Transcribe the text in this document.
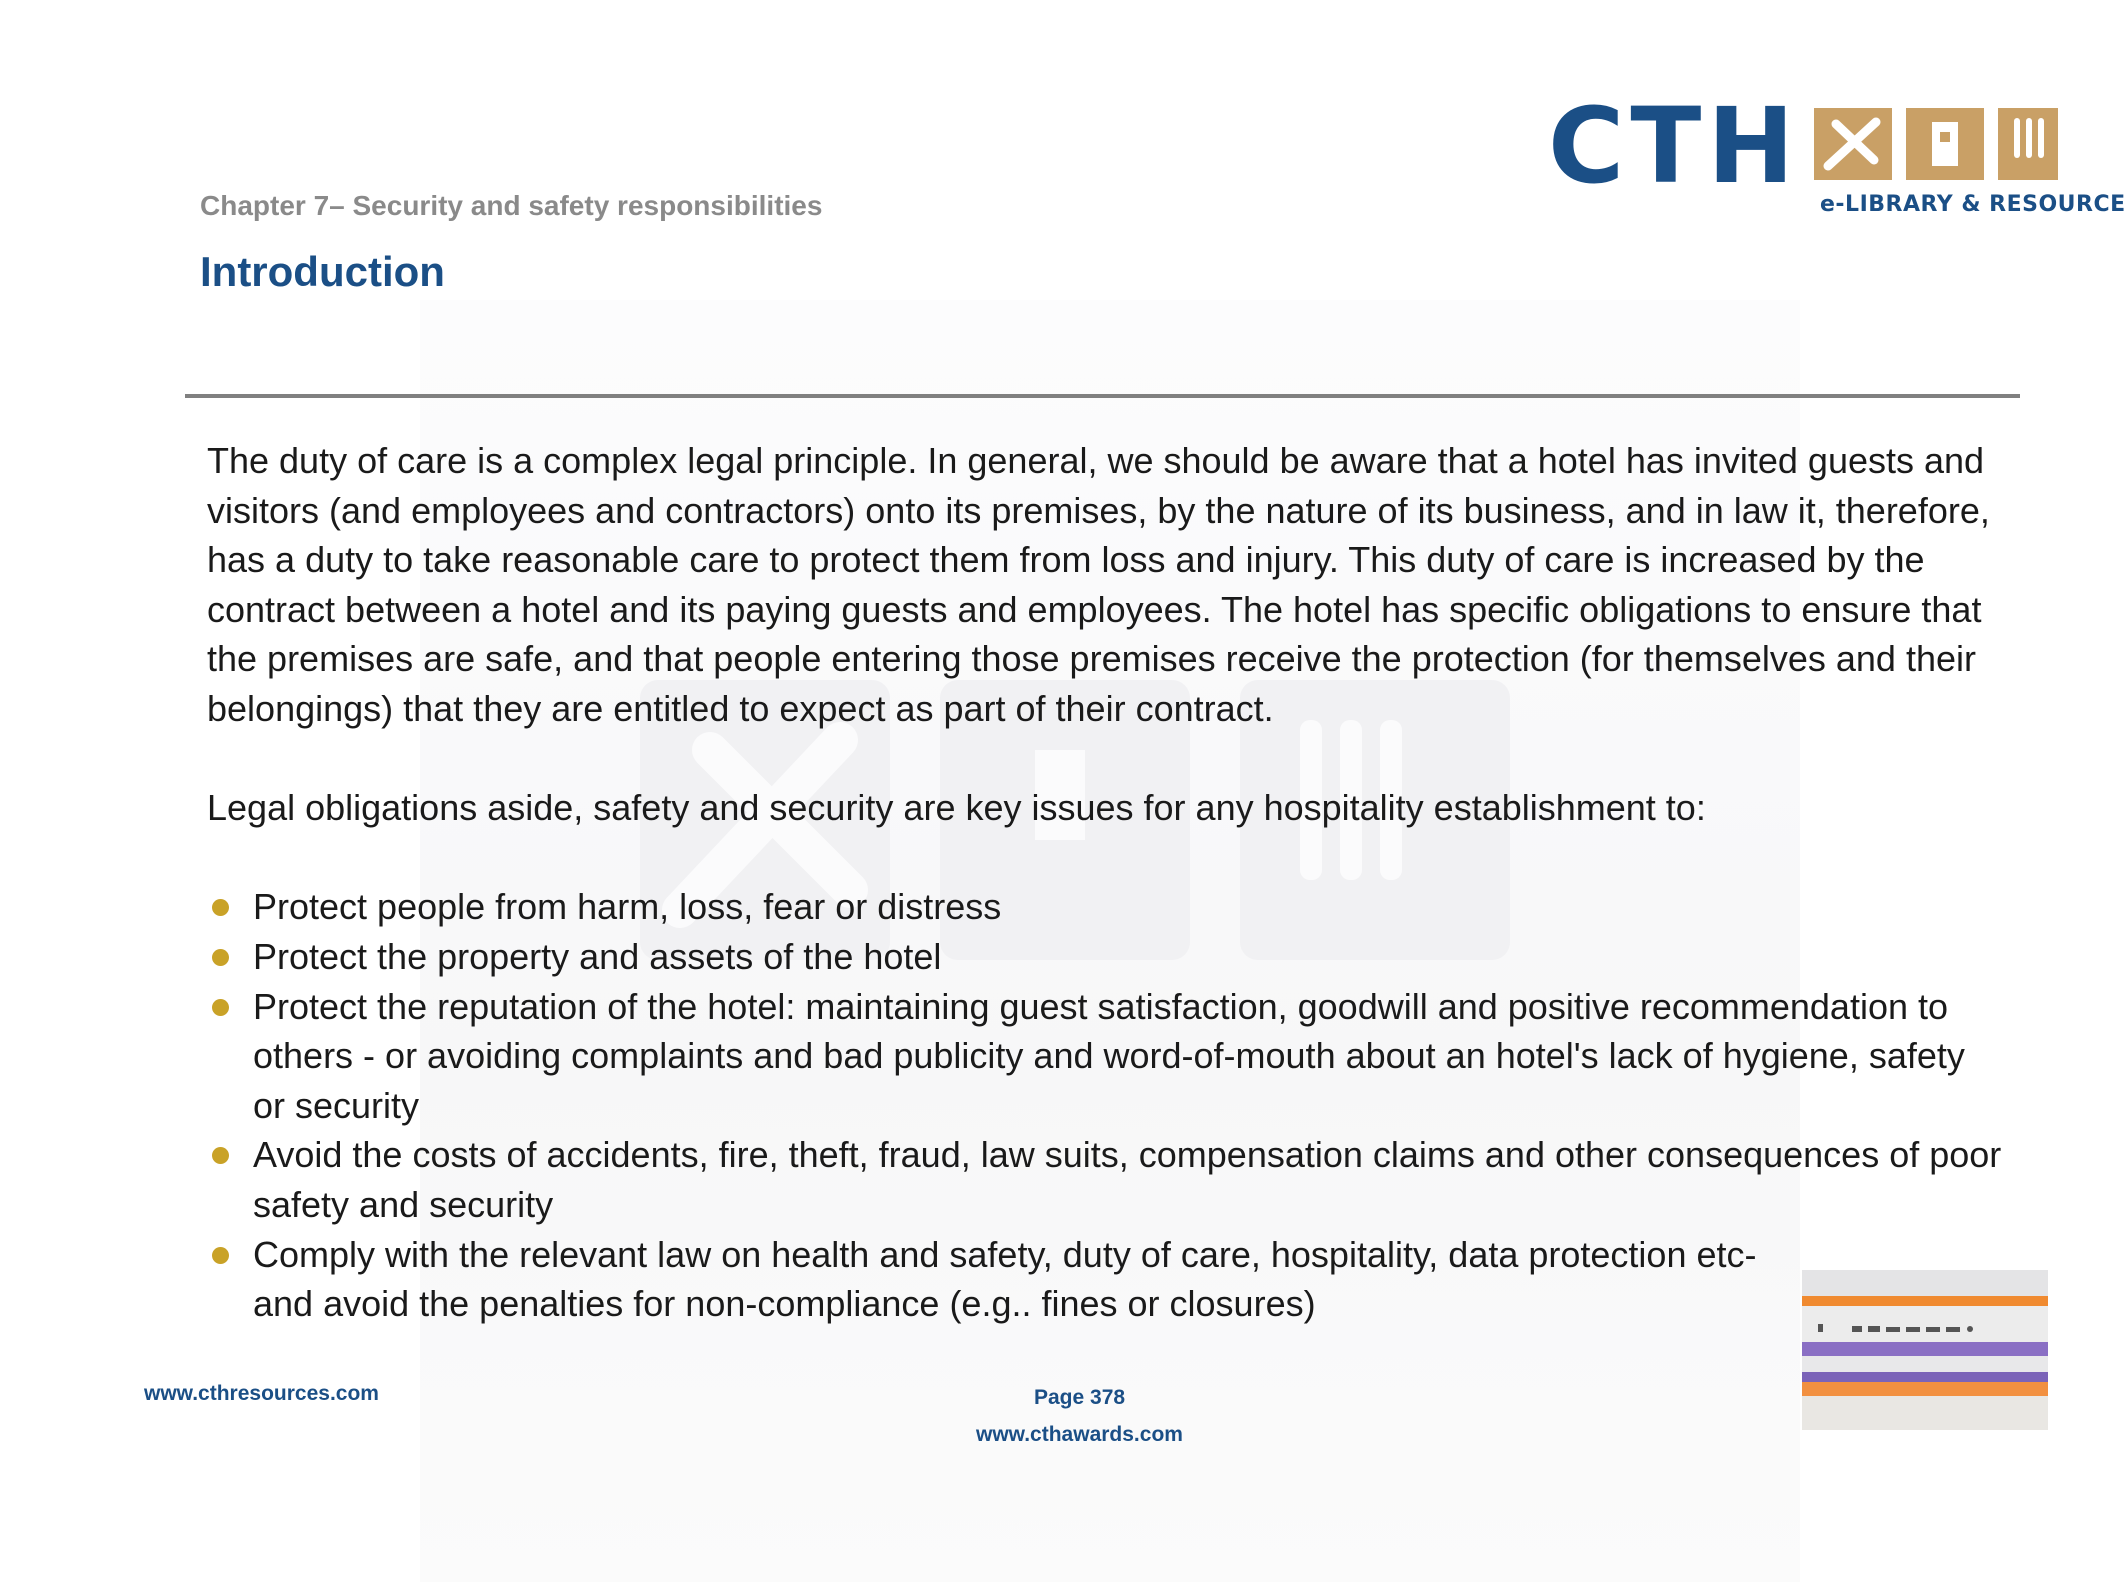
CTH e-LIBRARY & RESOURCE
Chapter 7– Security and safety responsibilities
Introduction

The duty of care is a complex legal principle. In general, we should be aware that a hotel has invited guests and visitors (and employees and contractors) onto its premises, by the nature of its business, and in law it, therefore, has a duty to take reasonable care to protect them from loss and injury. This duty of care is increased by the contract between a hotel and its paying guests and employees. The hotel has specific obligations to ensure that the premises are safe, and that people entering those premises receive the protection (for themselves and their belongings) that they are entitled to expect as part of their contract.

Legal obligations aside, safety and security are key issues for any hospitality establishment to:

Protect people from harm, loss, fear or distress
Protect the property and assets of the hotel
Protect the reputation of the hotel: maintaining guest satisfaction, goodwill and positive recommendation to others - or avoiding complaints and bad publicity and word-of-mouth about an hotel's lack of hygiene, safety or security
Avoid the costs of accidents, fire, theft, fraud, law suits, compensation claims and other consequences of poor safety and security
Comply with the relevant law on health and safety, duty of care, hospitality, data protection etc- and avoid the penalties for non-compliance (e.g.. fines or closures)
www.cthresources.com	Page 378
www.cthawards.com
